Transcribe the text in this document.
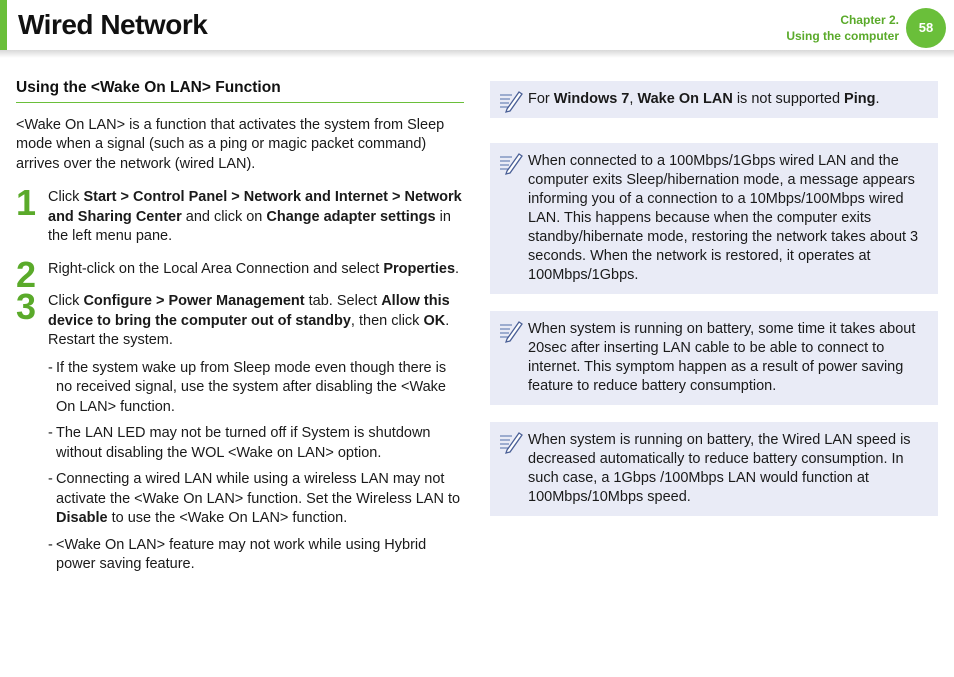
Wired Network	Chapter 2.
Using the computer
58
Using the <Wake On LAN> Function
<Wake On LAN> is a function that activates the system from Sleep mode when a signal (such as a ping or magic packet command) arrives over the network (wired LAN).
1 Click Start > Control Panel > Network and Internet > Network and Sharing Center and click on Change adapter settings in the left menu pane.
2 Right-click on the Local Area Connection and select Properties.
3 Click Configure > Power Management tab. Select Allow this device to bring the computer out of standby, then click OK. Restart the system.
- If the system wake up from Sleep mode even though there is no received signal, use the system after disabling the <Wake On LAN> function.
- The LAN LED may not be turned off if System is shutdown without disabling the WOL <Wake on LAN> option.
- Connecting a wired LAN while using a wireless LAN may not activate the <Wake On LAN> function. Set the Wireless LAN to Disable to use the <Wake On LAN> function.
- <Wake On LAN> feature may not work while using Hybrid power saving feature.
For Windows 7, Wake On LAN is not supported Ping.
When connected to a 100Mbps/1Gbps wired LAN and the computer exits Sleep/hibernation mode, a message appears informing you of a connection to a 10Mbps/100Mbps wired LAN. This happens because when the computer exits standby/hibernate mode, restoring the network takes about 3 seconds. When the network is restored, it operates at 100Mbps/1Gbps.
When system is running on battery, some time it takes about 20sec after inserting LAN cable to be able to connect to internet. This symptom happen as a result of power saving feature to reduce battery consumption.
When system is running on battery, the Wired LAN speed is decreased automatically to reduce battery consumption. In such case, a 1Gbps /100Mbps LAN would function at 100Mbps/10Mbps speed.
